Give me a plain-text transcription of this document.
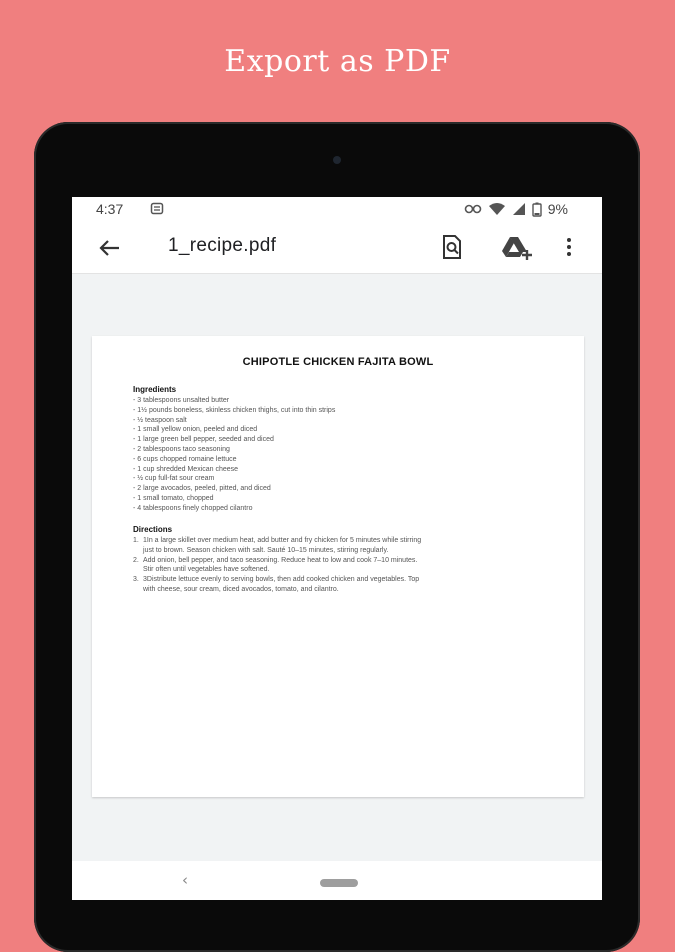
Export as PDF
4:37	9%
1_recipe.pdf
CHIPOTLE CHICKEN FAJITA BOWL
Ingredients
- 3 tablespoons unsalted butter
- 1½ pounds boneless, skinless chicken thighs, cut into thin strips
- ½ teaspoon salt
- 1 small yellow onion, peeled and diced
- 1 large green bell pepper, seeded and diced
- 2 tablespoons taco seasoning
- 6 cups chopped romaine lettuce
- 1 cup shredded Mexican cheese
- ½ cup full-fat sour cream
- 2 large avocados, peeled, pitted, and diced
- 1 small tomato, chopped
- 4 tablespoons finely chopped cilantro
Directions
1. 1In a large skillet over medium heat, add butter and fry chicken for 5 minutes while stirring
just to brown. Season chicken with salt. Sauté 10–15 minutes, stirring regularly.
2. Add onion, bell pepper, and taco seasoning. Reduce heat to low and cook 7–10 minutes.
Stir often until vegetables have softened.
3. 3Distribute lettuce evenly to serving bowls, then add cooked chicken and vegetables. Top
with cheese, sour cream, diced avocados, tomato, and cilantro.
‹
